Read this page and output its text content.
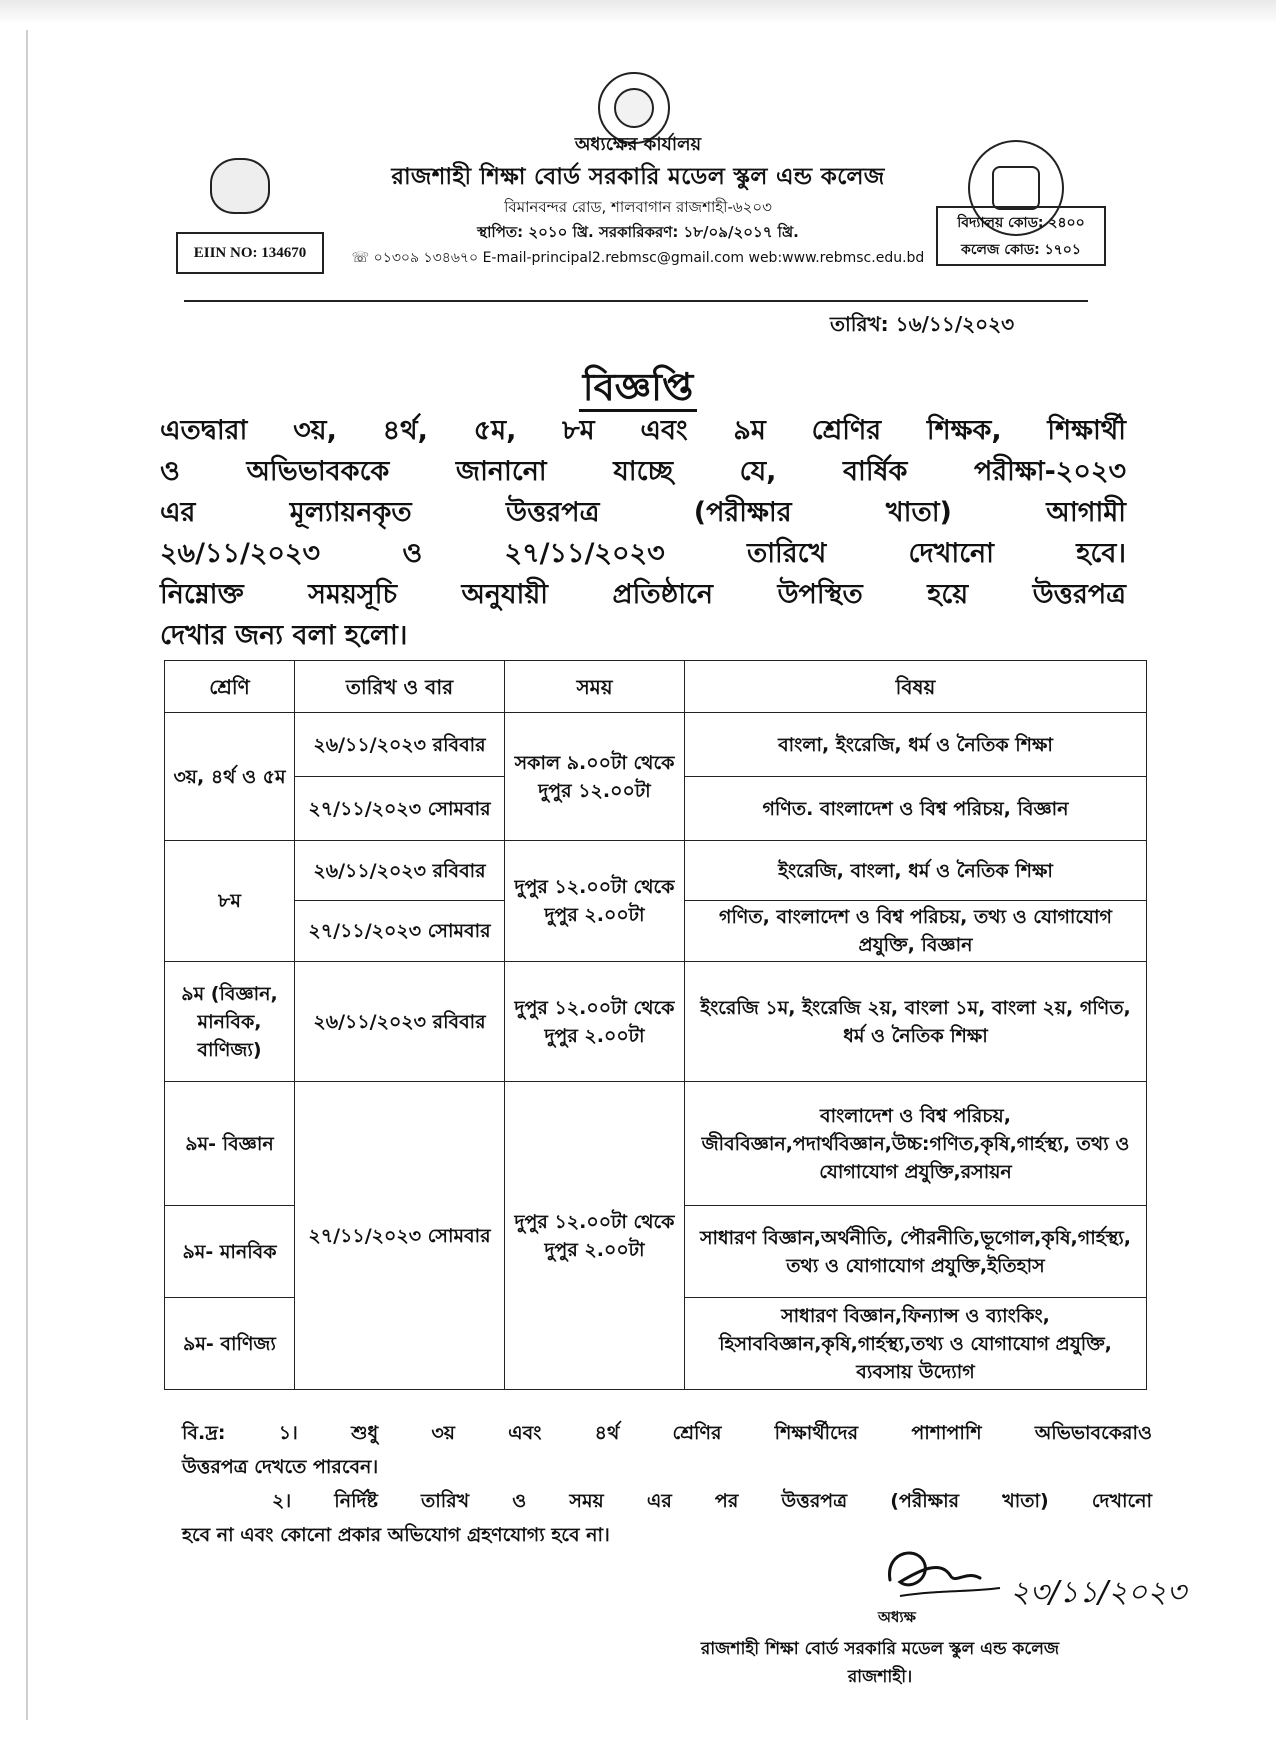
অধ্যক্ষের কার্যালয়
রাজশাহী শিক্ষা বোর্ড সরকারি মডেল স্কুল এন্ড কলেজ
বিমানবন্দর রোড, শালবাগান রাজশাহী-৬২০৩
স্থাপিত: ২০১০ খ্রি. সরকারিকরণ: ১৮/০৯/২০১৭ খ্রি.
☏ ০১৩০৯ ১৩৪৬৭০ E-mail-principal2.rebmsc@gmail.com web:www.rebmsc.edu.bd
EIIN NO: 134670
বিদ্যালয় কোড: ২৪০০
কলেজ কোড: ১৭০১
তারিখ: ১৬/১১/২০২৩
বিজ্ঞপ্তি
এতদ্বারা ৩য়, ৪র্থ, ৫ম, ৮ম এবং ৯ম শ্রেণির শিক্ষক, শিক্ষার্থী
ও অভিভাবককে জানানো যাচ্ছে যে, বার্ষিক পরীক্ষা-২০২৩
এর মূল্যায়নকৃত উত্তরপত্র (পরীক্ষার খাতা) আগামী
২৬/১১/২০২৩ ও ২৭/১১/২০২৩ তারিখে দেখানো হবে।
নিম্নোক্ত সময়সূচি অনুযায়ী প্রতিষ্ঠানে উপস্থিত হয়ে উত্তরপত্র
দেখার জন্য বলা হলো।
শ্রেণি	তারিখ ও বার	সময়	বিষয়
৩য়, ৪র্থ ও ৫ম	২৬/১১/২০২৩ রবিবার	সকাল ৯.০০টা থেকে দুপুর ১২.০০টা	বাংলা, ইংরেজি, ধর্ম ও নৈতিক শিক্ষা
	২৭/১১/২০২৩ সোমবার		গণিত. বাংলাদেশ ও বিশ্ব পরিচয়, বিজ্ঞান
৮ম	২৬/১১/২০২৩ রবিবার	দুপুর ১২.০০টা থেকে দুপুর ২.০০টা	ইংরেজি, বাংলা, ধর্ম ও নৈতিক শিক্ষা
	২৭/১১/২০২৩ সোমবার		গণিত, বাংলাদেশ ও বিশ্ব পরিচয়, তথ্য ও যোগাযোগ প্রযুক্তি, বিজ্ঞান
৯ম (বিজ্ঞান, মানবিক, বাণিজ্য)	২৬/১১/২০২৩ রবিবার	দুপুর ১২.০০টা থেকে দুপুর ২.০০টা	ইংরেজি ১ম, ইংরেজি ২য়, বাংলা ১ম, বাংলা ২য়, গণিত, ধর্ম ও নৈতিক শিক্ষা
৯ম- বিজ্ঞান	২৭/১১/২০২৩ সোমবার	দুপুর ১২.০০টা থেকে দুপুর ২.০০টা	বাংলাদেশ ও বিশ্ব পরিচয়, জীববিজ্ঞান,পদার্থবিজ্ঞান,উচ্চ:গণিত,কৃষি,গার্হস্থ্য, তথ্য ও যোগাযোগ প্রযুক্তি,রসায়ন
৯ম- মানবিক			সাধারণ বিজ্ঞান,অর্থনীতি, পৌরনীতি,ভূগোল,কৃষি,গার্হস্থ্য, তথ্য ও যোগাযোগ প্রযুক্তি,ইতিহাস
৯ম- বাণিজ্য			সাধারণ বিজ্ঞান,ফিন্যান্স ও ব্যাংকিং, হিসাববিজ্ঞান,কৃষি,গার্হস্থ্য,তথ্য ও যোগাযোগ প্রযুক্তি, ব্যবসায় উদ্যোগ
বি.দ্র: ১। শুধু ৩য় এবং ৪র্থ শ্রেণির শিক্ষার্থীদের পাশাপাশি অভিভাবকেরাও
উত্তরপত্র দেখতে পারবেন।
২। নির্দিষ্ট তারিখ ও সময় এর পর উত্তরপত্র (পরীক্ষার খাতা) দেখানো
হবে না এবং কোনো প্রকার অভিযোগ গ্রহণযোগ্য হবে না।
২৩/১১/২০২৩
অধ্যক্ষ
রাজশাহী শিক্ষা বোর্ড সরকারি মডেল স্কুল এন্ড কলেজ
রাজশাহী।
